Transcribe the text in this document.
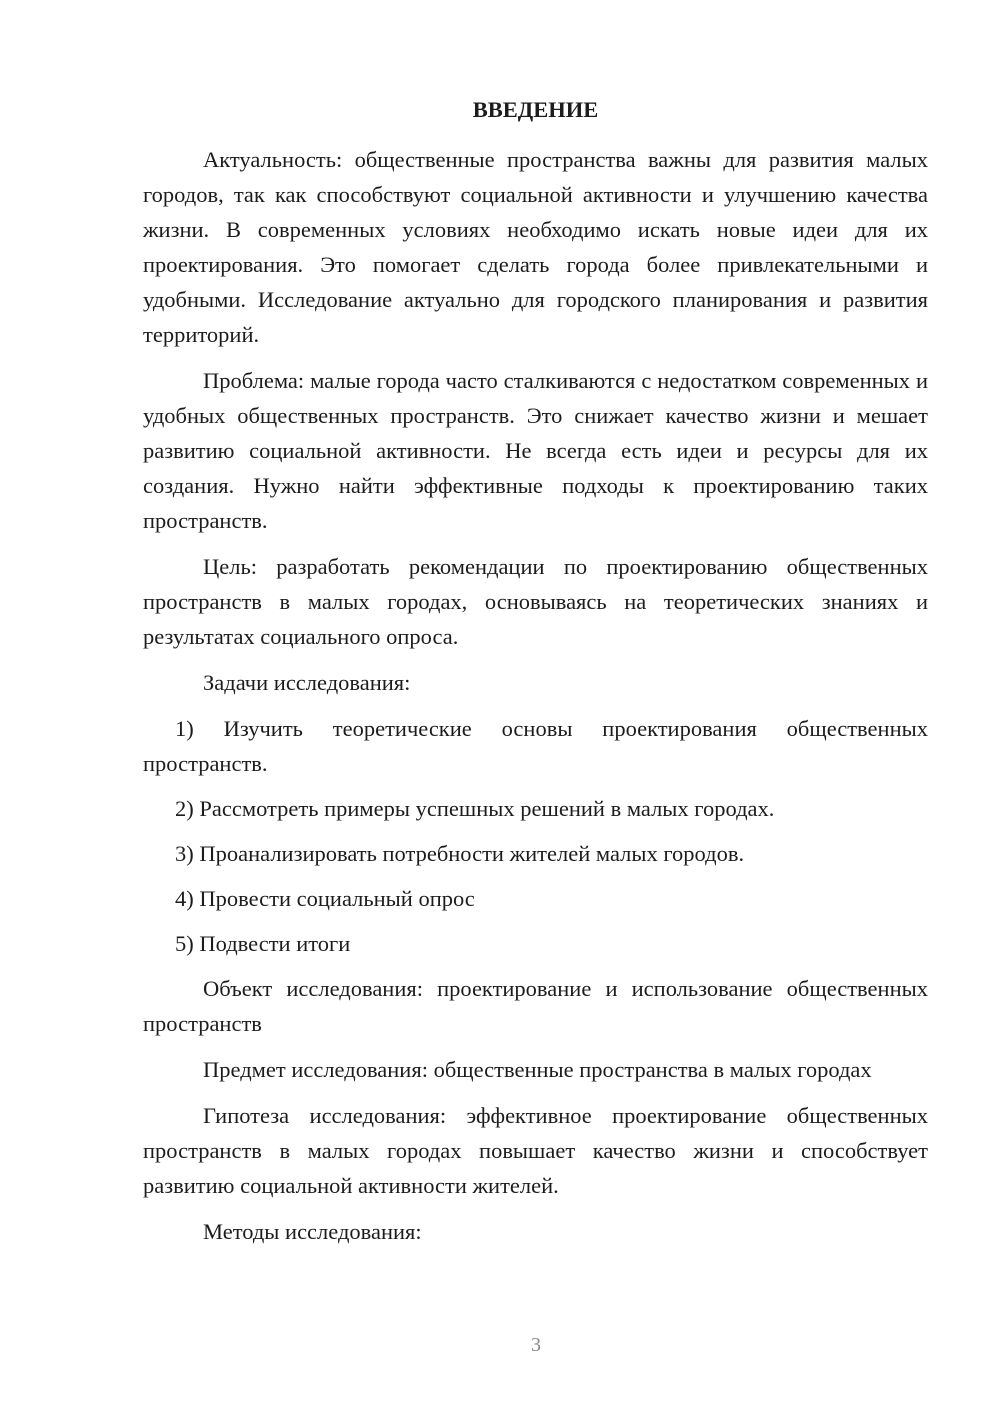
ВВЕДЕНИЕ

Актуальность: общественные пространства важны для развития малых городов, так как способствуют социальной активности и улучшению качества жизни. В современных условиях необходимо искать новые идеи для их проектирования. Это помогает сделать города более привлекательными и удобными. Исследование актуально для городского планирования и развития территорий.

Проблема: малые города часто сталкиваются с недостатком современных и удобных общественных пространств. Это снижает качество жизни и мешает развитию социальной активности. Не всегда есть идеи и ресурсы для их создания. Нужно найти эффективные подходы к проектированию таких пространств.

Цель: разработать рекомендации по проектированию общественных пространств в малых городах, основываясь на теоретических знаниях и результатах социального опроса.

Задачи исследования:

1) Изучить теоретические основы проектирования общественных пространств.

2) Рассмотреть примеры успешных решений в малых городах.

3) Проанализировать потребности жителей малых городов.

4) Провести социальный опрос

5) Подвести итоги

Объект исследования: проектирование и использование общественных пространств

Предмет исследования: общественные пространства в малых городах

Гипотеза исследования: эффективное проектирование общественных пространств в малых городах повышает качество жизни и способствует развитию социальной активности жителей.

Методы исследования:

3
